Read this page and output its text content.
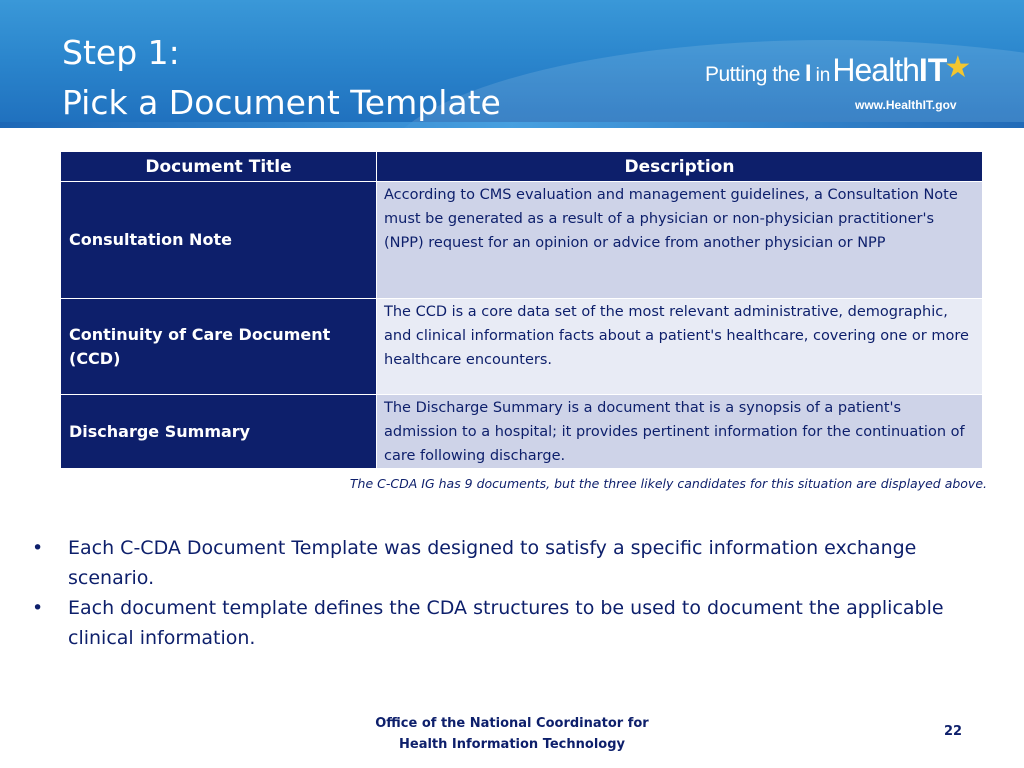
Step 1:
Pick a Document Template
Putting the I in Health IT
★
www.HealthIT.gov
Document Title	Description
Consultation Note	According to CMS evaluation and management guidelines, a Consultation Note must be generated as a result of a physician or non-physician practitioner's (NPP) request for an opinion or advice from another physician or NPP
Continuity of Care Document (CCD)	The CCD is a core data set of the most relevant administrative, demographic, and clinical information facts about a patient's healthcare, covering one or more healthcare encounters.
Discharge Summary	The Discharge Summary is a document that is a synopsis of a patient's admission to a hospital; it provides pertinent information for the continuation of care following discharge.
The C-CDA IG has 9 documents, but the three likely candidates for this situation are displayed above.
• Each C-CDA Document Template was designed to satisfy a specific information exchange scenario.
• Each document template defines the CDA structures to be used to document the applicable clinical information.
Office of the National Coordinator for
Health Information Technology
22
